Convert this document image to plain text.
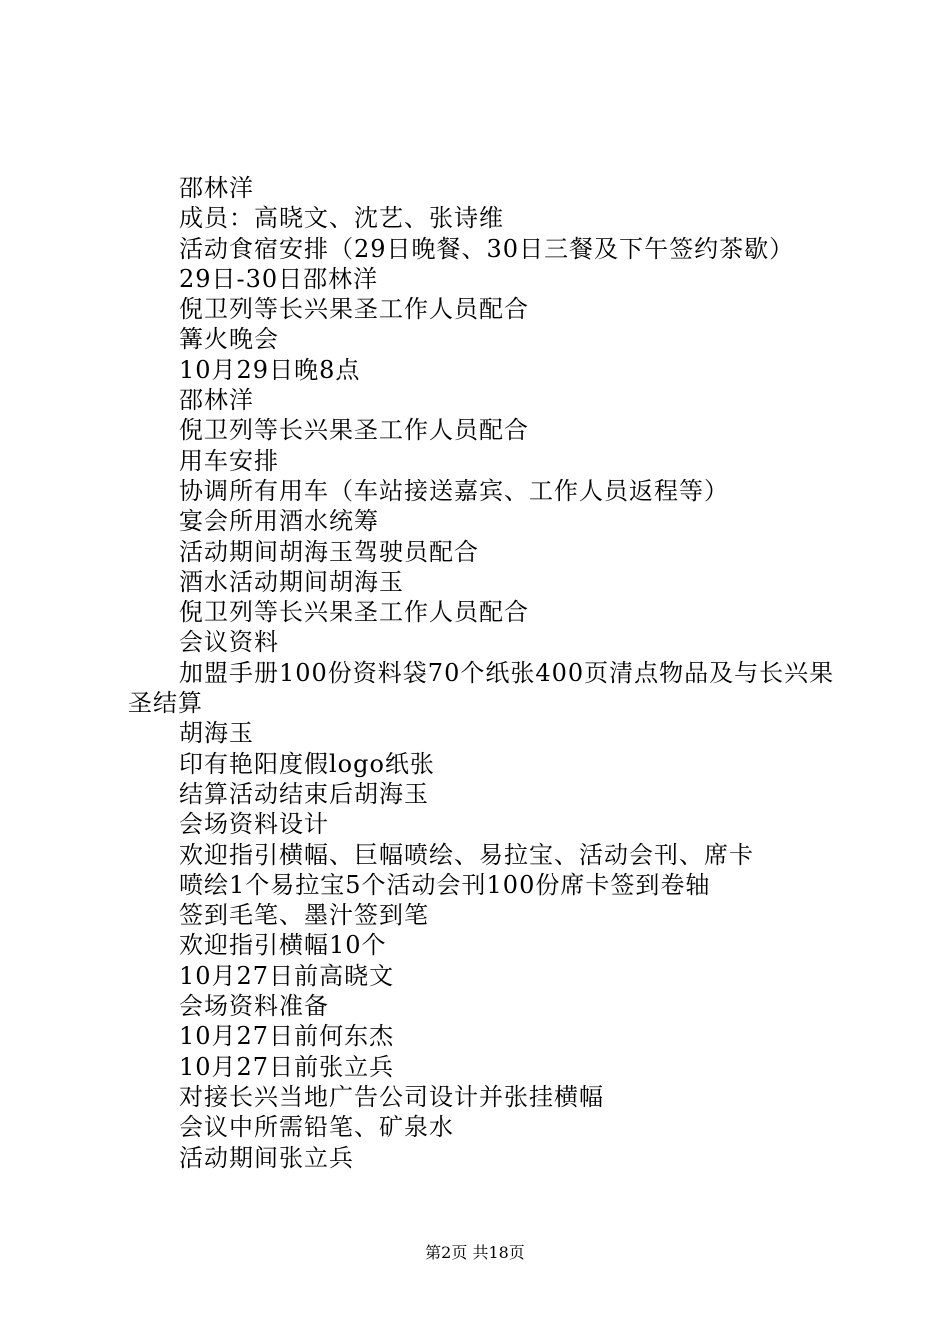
邵林洋

成员：高晓文、沈艺、张诗维

活动食宿安排（29日晚餐、30日三餐及下午签约茶歇）

29日-30日邵林洋

倪卫列等长兴果圣工作人员配合

篝火晚会

10月29日晚8点

邵林洋

倪卫列等长兴果圣工作人员配合

用车安排

协调所有用车（车站接送嘉宾、工作人员返程等）

宴会所用酒水统筹

活动期间胡海玉驾驶员配合

酒水活动期间胡海玉

倪卫列等长兴果圣工作人员配合

会议资料

加盟手册100份资料袋70个纸张400页清点物品及与长兴果圣结算

胡海玉

印有艳阳度假logo纸张

结算活动结束后胡海玉

会场资料设计

欢迎指引横幅、巨幅喷绘、易拉宝、活动会刊、席卡

喷绘1个易拉宝5个活动会刊100份席卡签到卷轴

签到毛笔、墨汁签到笔

欢迎指引横幅10个

10月27日前高晓文

会场资料准备

10月27日前何东杰

10月27日前张立兵

对接长兴当地广告公司设计并张挂横幅

会议中所需铅笔、矿泉水

活动期间张立兵

第2页 共18页
